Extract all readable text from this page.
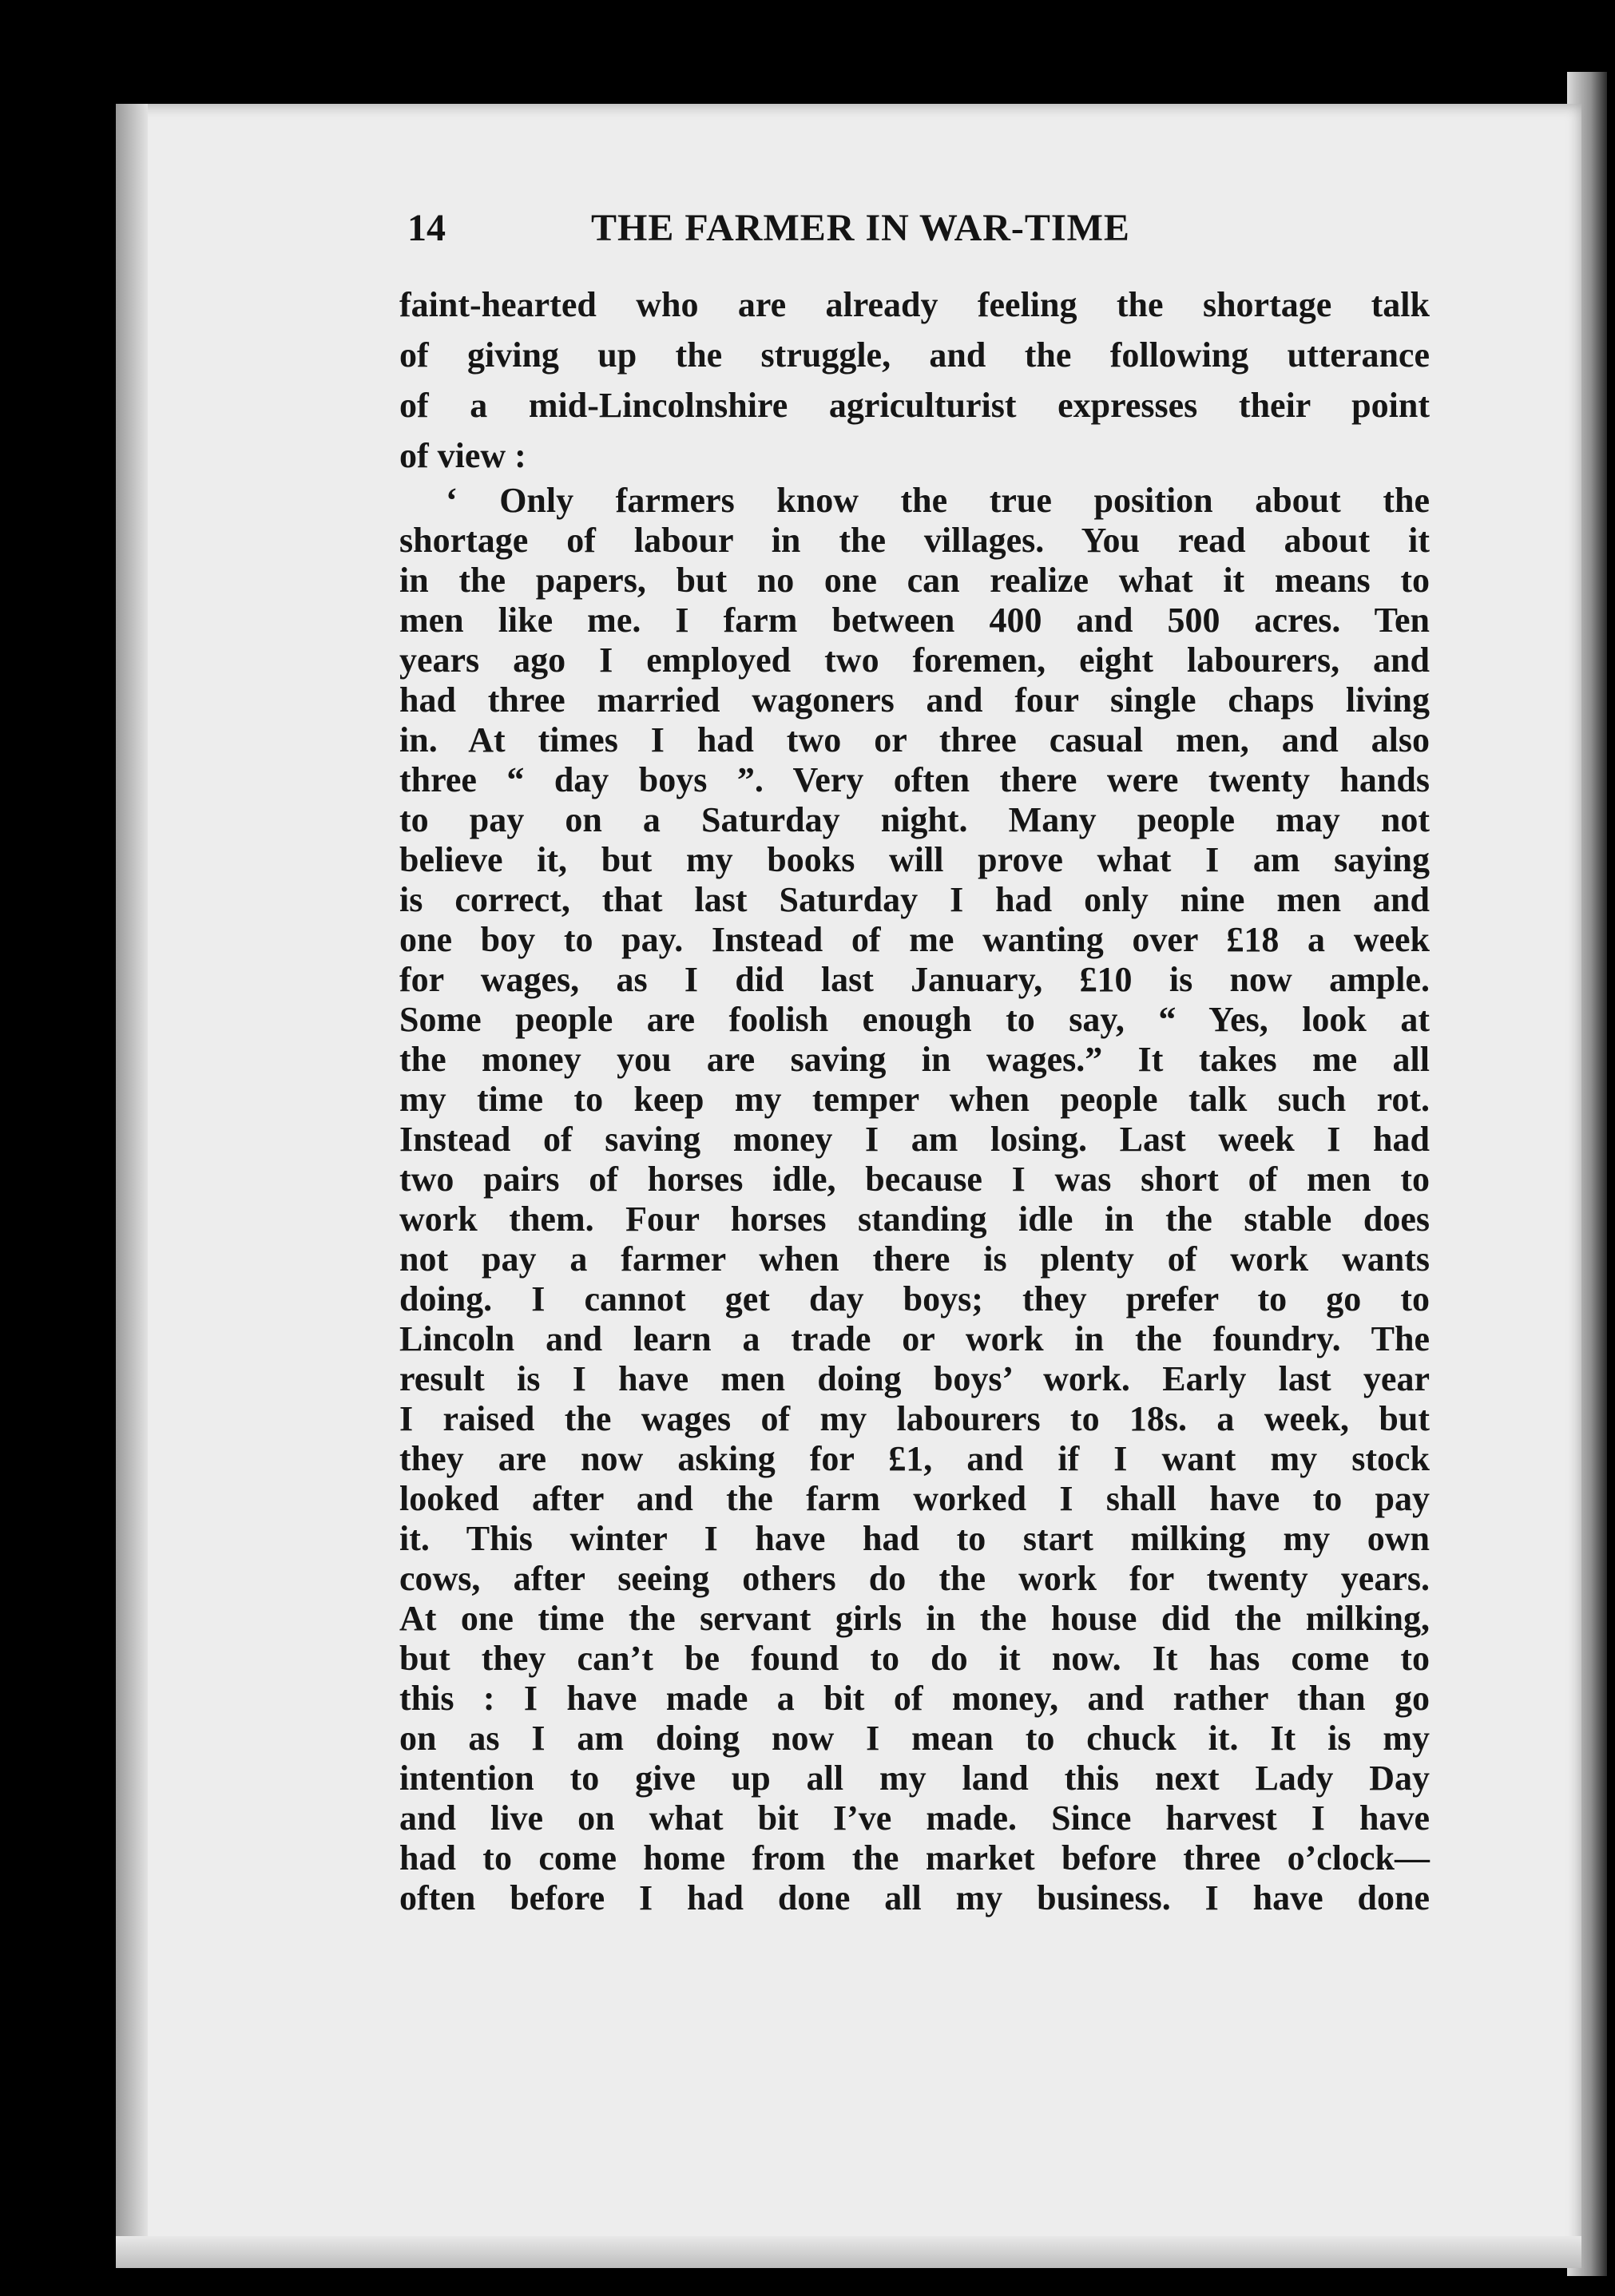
14	THE FARMER IN WAR-TIME
faint-hearted who are already feeling the shortage talk
of giving up the struggle, and the following utterance
of a mid-Lincolnshire agriculturist expresses their point
of view :
‘ Only farmers know the true position about the
shortage of labour in the villages. You read about it
in the papers, but no one can realize what it means to
men like me. I farm between 400 and 500 acres. Ten
years ago I employed two foremen, eight labourers, and
had three married wagoners and four single chaps living
in. At times I had two or three casual men, and also
three “ day boys ”. Very often there were twenty hands
to pay on a Saturday night. Many people may not
believe it, but my books will prove what I am saying
is correct, that last Saturday I had only nine men and
one boy to pay. Instead of me wanting over £18 a week
for wages, as I did last January, £10 is now ample.
Some people are foolish enough to say, “ Yes, look at
the money you are saving in wages.” It takes me all
my time to keep my temper when people talk such rot.
Instead of saving money I am losing. Last week I had
two pairs of horses idle, because I was short of men to
work them. Four horses standing idle in the stable does
not pay a farmer when there is plenty of work wants
doing. I cannot get day boys; they prefer to go to
Lincoln and learn a trade or work in the foundry. The
result is I have men doing boys’ work. Early last year
I raised the wages of my labourers to 18s. a week, but
they are now asking for £1, and if I want my stock
looked after and the farm worked I shall have to pay
it. This winter I have had to start milking my own
cows, after seeing others do the work for twenty years.
At one time the servant girls in the house did the milking,
but they can’t be found to do it now. It has come to
this : I have made a bit of money, and rather than go
on as I am doing now I mean to chuck it. It is my
intention to give up all my land this next Lady Day
and live on what bit I’ve made. Since harvest I have
had to come home from the market before three o’clock—
often before I had done all my business. I have done
